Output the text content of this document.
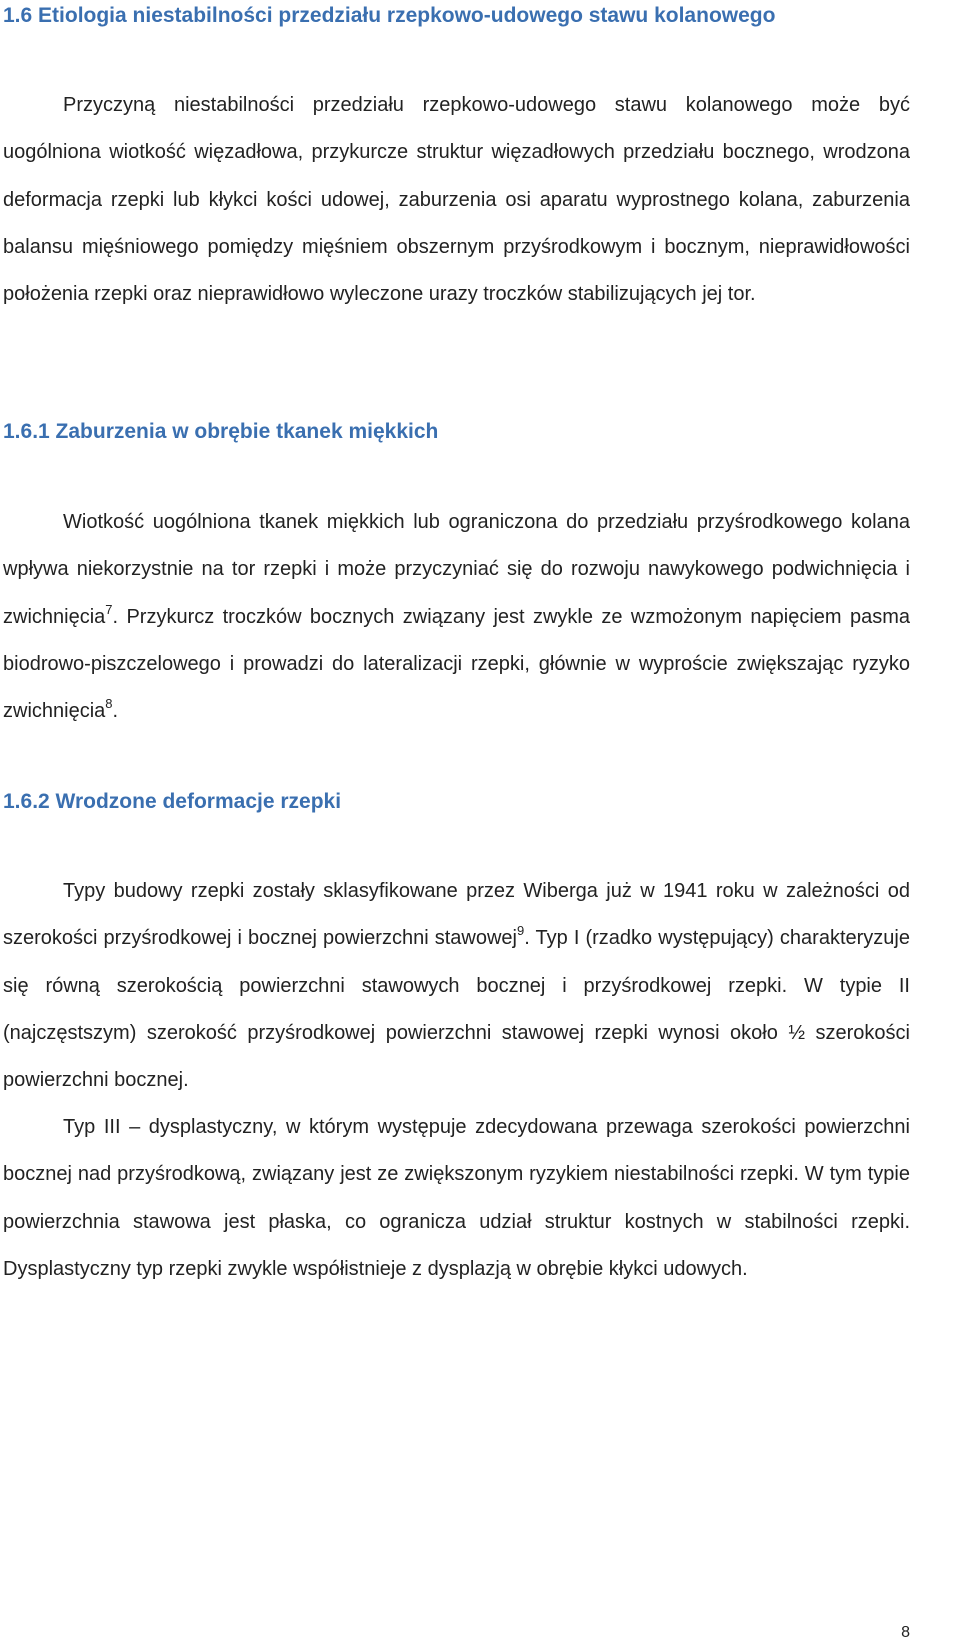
1.6 Etiologia niestabilności przedziału rzepkowo-udowego stawu kolanowego

Przyczyną niestabilności przedziału rzepkowo-udowego stawu kolanowego może być uogólniona wiotkość więzadłowa, przykurcze struktur więzadłowych przedziału bocznego, wrodzona deformacja rzepki lub kłykci kości udowej, zaburzenia osi aparatu wyprostnego kolana, zaburzenia balansu mięśniowego pomiędzy mięśniem obszernym przyśrodkowym i bocznym, nieprawidłowości położenia rzepki oraz nieprawidłowo wyleczone urazy troczków stabilizujących jej tor.

1.6.1 Zaburzenia w obrębie tkanek miękkich

Wiotkość uogólniona tkanek miękkich lub ograniczona do przedziału przyśrodkowego kolana wpływa niekorzystnie na tor rzepki i może przyczyniać się do rozwoju nawykowego podwichnięcia i zwichnięcia$^7$. Przykurcz troczków bocznych związany jest zwykle ze wzmożonym napięciem pasma biodrowo-piszczelowego i prowadzi do lateralizacji rzepki, głównie w wyproście zwiększając ryzyko zwichnięcia$^8$.

1.6.2 Wrodzone deformacje rzepki

Typy budowy rzepki zostały sklasyfikowane przez Wiberga już w 1941 roku w zależności od szerokości przyśrodkowej i bocznej powierzchni stawowej$^9$. Typ I (rzadko występujący) charakteryzuje się równą szerokością powierzchni stawowych bocznej i przyśrodkowej rzepki. W typie II (najczęstszym) szerokość przyśrodkowej powierzchni stawowej rzepki wynosi około ½ szerokości powierzchni bocznej.

Typ III – dysplastyczny, w którym występuje zdecydowana przewaga szerokości powierzchni bocznej nad przyśrodkową, związany jest ze zwiększonym ryzykiem niestabilności rzepki. W tym typie powierzchnia stawowa jest płaska, co ogranicza udział struktur kostnych w stabilności rzepki. Dysplastyczny typ rzepki zwykle współistnieje z dysplazją w obrębie kłykci udowych.

8
